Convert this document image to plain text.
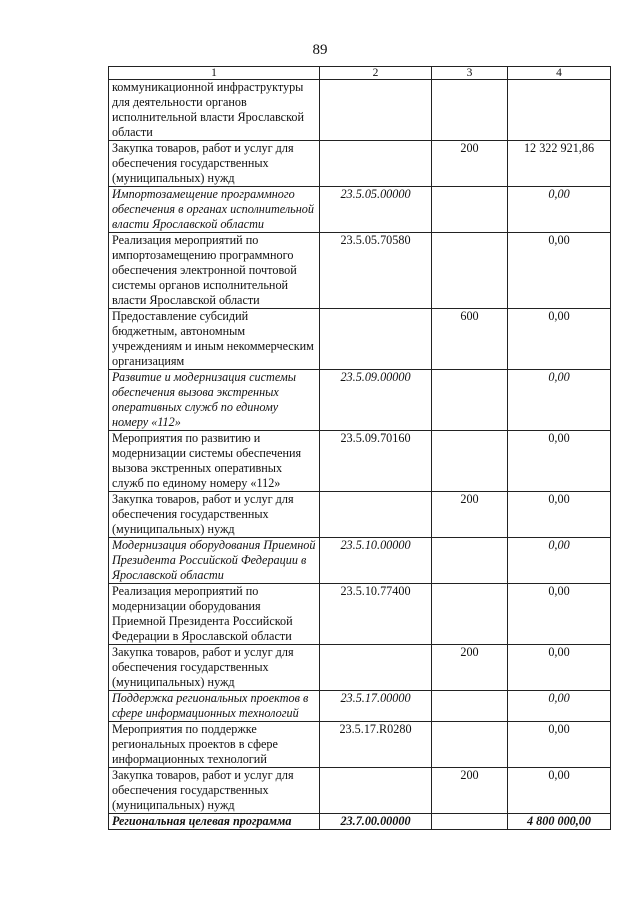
89
1	2	3	4
коммуникационной инфраструктуры для деятельности органов исполнительной власти Ярославской области			
Закупка товаров, работ и услуг для обеспечения государственных (муниципальных) нужд		200	12 322 921,86
Импортозамещение программного обеспечения в органах исполнительной власти Ярославской области	23.5.05.00000		0,00
Реализация мероприятий по импортозамещению программного обеспечения электронной почтовой системы органов исполнительной власти Ярославской области	23.5.05.70580		0,00
Предоставление субсидий бюджетным, автономным учреждениям и иным некоммерческим организациям		600	0,00
Развитие и модернизация системы обеспечения вызова экстренных оперативных служб по единому номеру «112»	23.5.09.00000		0,00
Мероприятия по развитию и модернизации системы обеспечения вызова экстренных оперативных служб по единому номеру «112»	23.5.09.70160		0,00
Закупка товаров, работ и услуг для обеспечения государственных (муниципальных) нужд		200	0,00
Модернизация оборудования Приемной Президента Российской Федерации в Ярославской области	23.5.10.00000		0,00
Реализация мероприятий по модернизации оборудования Приемной Президента Российской Федерации в Ярославской области	23.5.10.77400		0,00
Закупка товаров, работ и услуг для обеспечения государственных (муниципальных) нужд		200	0,00
Поддержка региональных проектов в сфере информационных технологий	23.5.17.00000		0,00
Мероприятия по поддержке региональных проектов в сфере информационных технологий	23.5.17.R0280		0,00
Закупка товаров, работ и услуг для обеспечения государственных (муниципальных) нужд		200	0,00
Региональная целевая программа	23.7.00.00000		4 800 000,00
